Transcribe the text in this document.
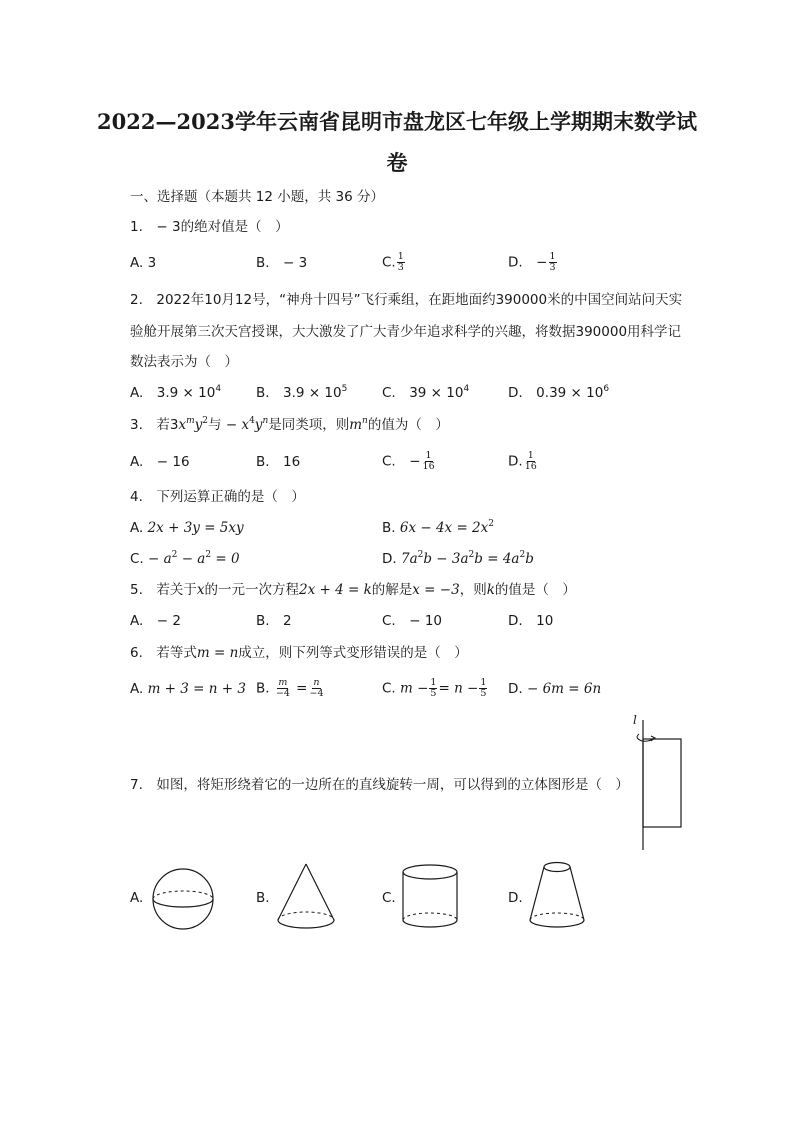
2022—2023学年云南省昆明市盘龙区七年级上学期期末数学试
卷
一、选择题（本题共 12 小题，共 36 分）
1.　− 3的绝对值是（　）
A. 3	B.　− 3	C. $\frac{1}{3}$	D.　− $\frac{1}{3}$
2.　2022年10月12号，“神舟十四号”飞行乘组，在距地面约390000米的中国空间站问天实
验舱开展第三次天宫授课，大大激发了广大青少年追求科学的兴趣，将数据390000用科学记
数法表示为（　）
A.　$3.9 \times 10^4$	B.　$3.9 \times 10^5$	C.　$39 \times 10^4$	D.　$0.39 \times 10^6$
3.　若$3x^my^2$与 − $x^4y^n$是同类项，则$m^n$的值为（　）
A.　− 16	B.　16	C.　− $\frac{1}{16}$	D. $\frac{1}{16}$
4.　下列运算正确的是（　）
A. 2x + 3y = 5xy	B. $6x - 4x = 2x^2$
C. − $a^2 - a^2 = 0$	D. $7a^2b - 3a^2b = 4a^2b$
5.　若关于x的一元一次方程2x + 4 = k的解是x = −3，则k的值是（　）
A.　− 2	B.　2	C.　− 10	D.　10
6.　若等式m = n成立，则下列等式变形错误的是（　）
A. m + 3 = n + 3 B. $\frac{m}{-4} = \frac{n}{-4}$	C. $m - \frac{1}{5} = n - \frac{1}{5} D$. − 6m = 6n
7.　如图，将矩形绕着它的一边所在的直线旋转一周，可以得到的立体图形是（　）
l
A.	B.	C.	D.
